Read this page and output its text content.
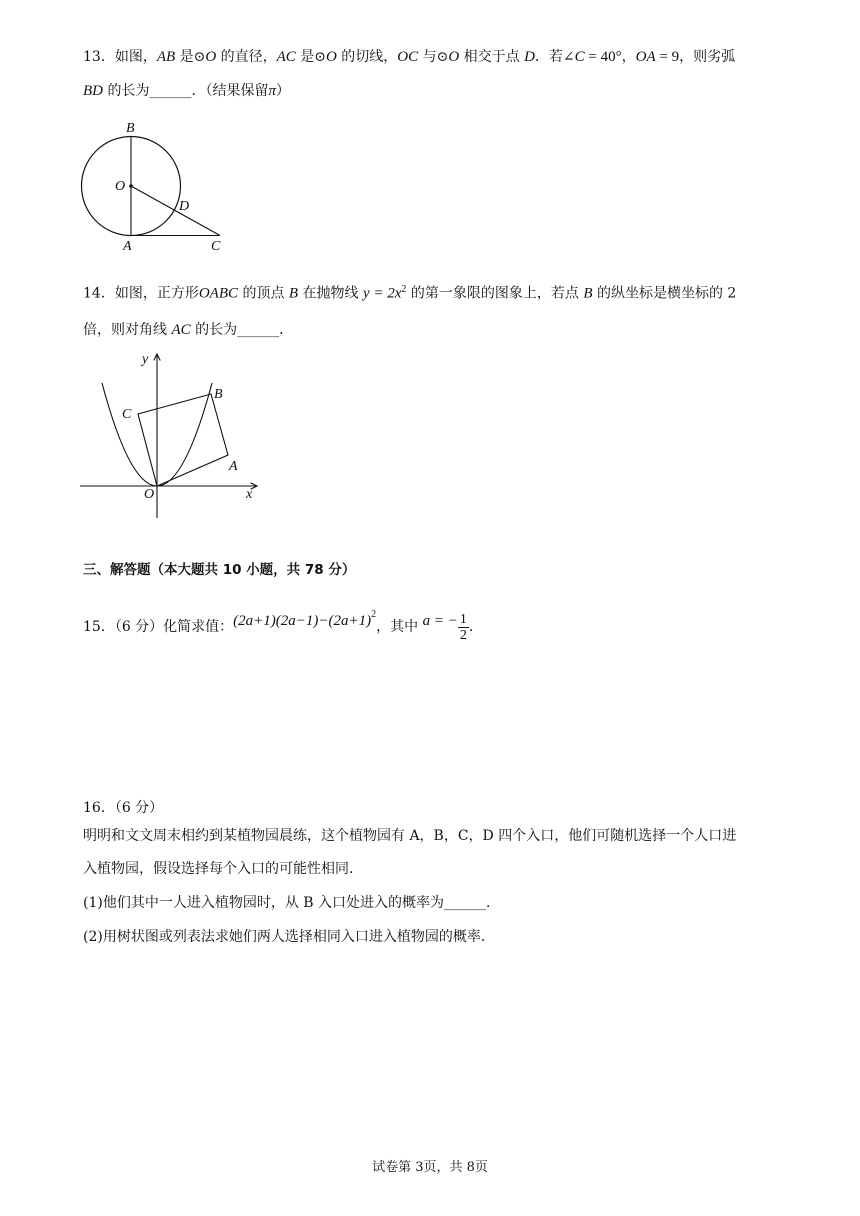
13．如图，AB 是⊙O 的直径，AC 是⊙O 的切线，OC 与⊙O 相交于点 D．若∠C = 40°，OA = 9，则劣弧
BD 的长为______．（结果保留π）
B
O
D
A	C
14．如图，正方形OABC 的顶点 B 在抛物线 $y = 2x^2$ 的第一象限的图象上，若点 B 的纵坐标是横坐标的 2
倍，则对角线 AC 的长为______．
y
x
O
A
B
C
三、解答题（本大题共 10 小题，共 78 分）
15．（6 分）化简求值：$(2a+1)(2a-1)-(2a+1)^2$，其中 a = − $\frac{1}{2}$ ．
16．（6 分）
明明和文文周末相约到某植物园晨练，这个植物园有 A，B，C，D 四个入口，他们可随机选择一个人口进
入植物园，假设选择每个入口的可能性相同．
(1)他们其中一人进入植物园时，从 B 入口处进入的概率为______．
(2)用树状图或列表法求她们两人选择相同入口进入植物园的概率．
试卷第 3页，共 8页
